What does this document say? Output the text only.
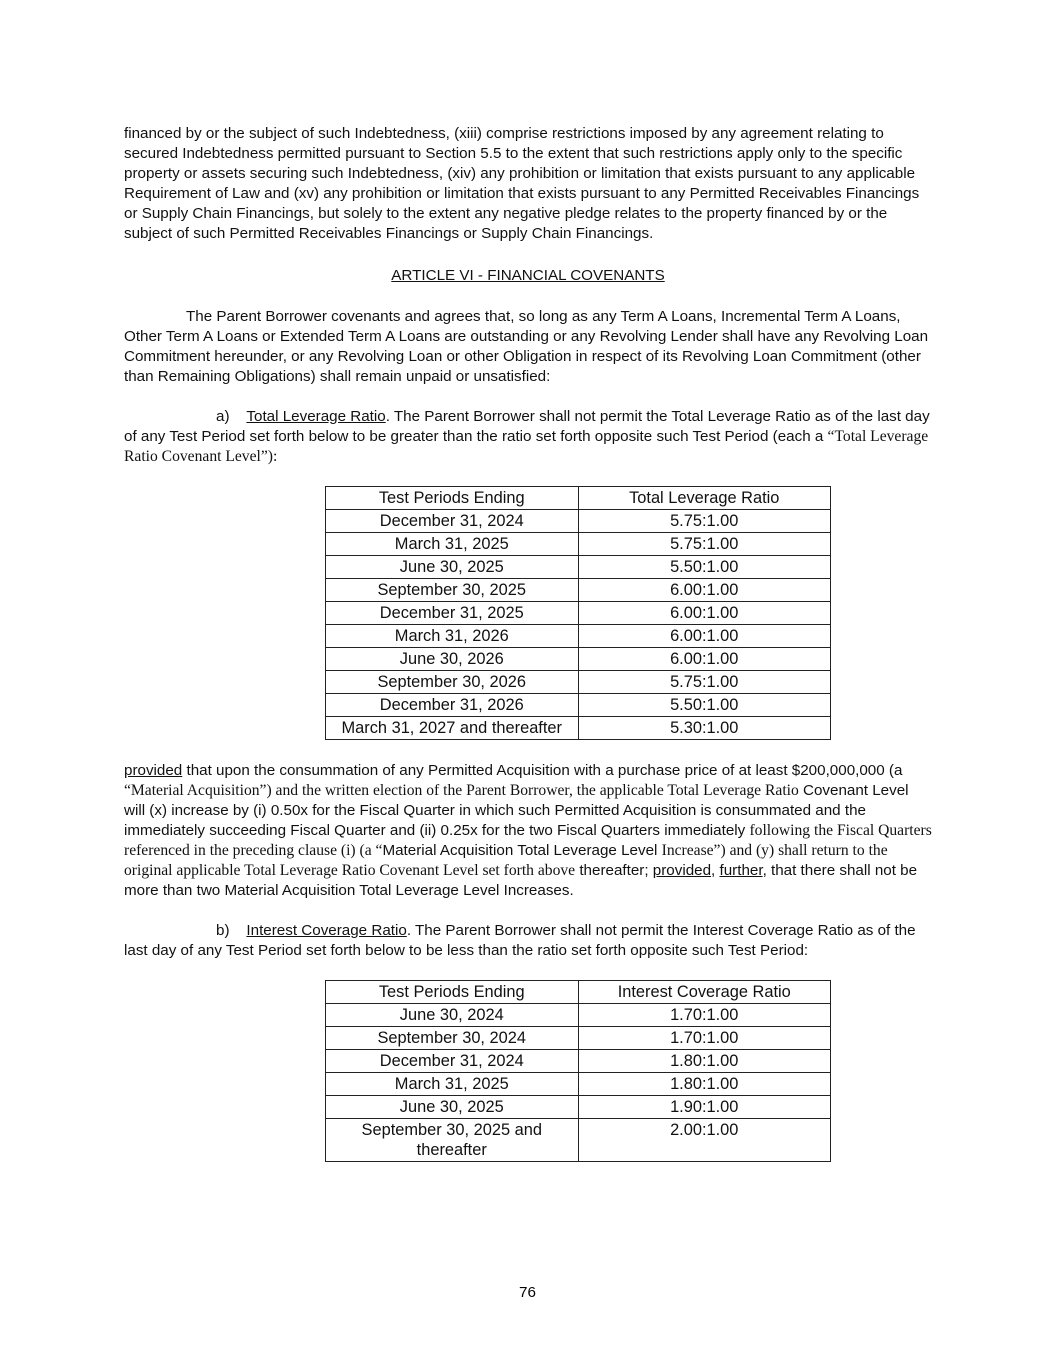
financed by or the subject of such Indebtedness, (xiii) comprise restrictions imposed by any agreement relating to secured Indebtedness permitted pursuant to Section 5.5 to the extent that such restrictions apply only to the specific property or assets securing such Indebtedness, (xiv) any prohibition or limitation that exists pursuant to any applicable Requirement of Law and (xv) any prohibition or limitation that exists pursuant to any Permitted Receivables Financings or Supply Chain Financings, but solely to the extent any negative pledge relates to the property financed by or the subject of such Permitted Receivables Financings or Supply Chain Financings.

ARTICLE VI - FINANCIAL COVENANTS

The Parent Borrower covenants and agrees that, so long as any Term A Loans, Incremental Term A Loans, Other Term A Loans or Extended Term A Loans are outstanding or any Revolving Lender shall have any Revolving Loan Commitment hereunder, or any Revolving Loan or other Obligation in respect of its Revolving Loan Commitment (other than Remaining Obligations) shall remain unpaid or unsatisfied:

a) Total Leverage Ratio. The Parent Borrower shall not permit the Total Leverage Ratio as of the last day of any Test Period set forth below to be greater than the ratio set forth opposite such Test Period (each a “Total Leverage Ratio Covenant Level”):

Test Periods Ending	Total Leverage Ratio
December 31, 2024	5.75:1.00
March 31, 2025	5.75:1.00
June 30, 2025	5.50:1.00
September 30, 2025	6.00:1.00
December 31, 2025	6.00:1.00
March 31, 2026	6.00:1.00
June 30, 2026	6.00:1.00
September 30, 2026	5.75:1.00
December 31, 2026	5.50:1.00
March 31, 2027 and thereafter	5.30:1.00

provided that upon the consummation of any Permitted Acquisition with a purchase price of at least $200,000,000 (a “Material Acquisition”) and the written election of the Parent Borrower, the applicable Total Leverage Ratio Covenant Level will (x) increase by (i) 0.50x for the Fiscal Quarter in which such Permitted Acquisition is consummated and the immediately succeeding Fiscal Quarter and (ii) 0.25x for the two Fiscal Quarters immediately following the Fiscal Quarters referenced in the preceding clause (i) (a “Material Acquisition Total Leverage Level Increase”) and (y) shall return to the original applicable Total Leverage Ratio Covenant Level set forth above thereafter; provided, further, that there shall not be more than two Material Acquisition Total Leverage Level Increases.

b) Interest Coverage Ratio. The Parent Borrower shall not permit the Interest Coverage Ratio as of the last day of any Test Period set forth below to be less than the ratio set forth opposite such Test Period:

Test Periods Ending	Interest Coverage Ratio
June 30, 2024	1.70:1.00
September 30, 2024	1.70:1.00
December 31, 2024	1.80:1.00
March 31, 2025	1.80:1.00
June 30, 2025	1.90:1.00
September 30, 2025 and thereafter	2.00:1.00
76
